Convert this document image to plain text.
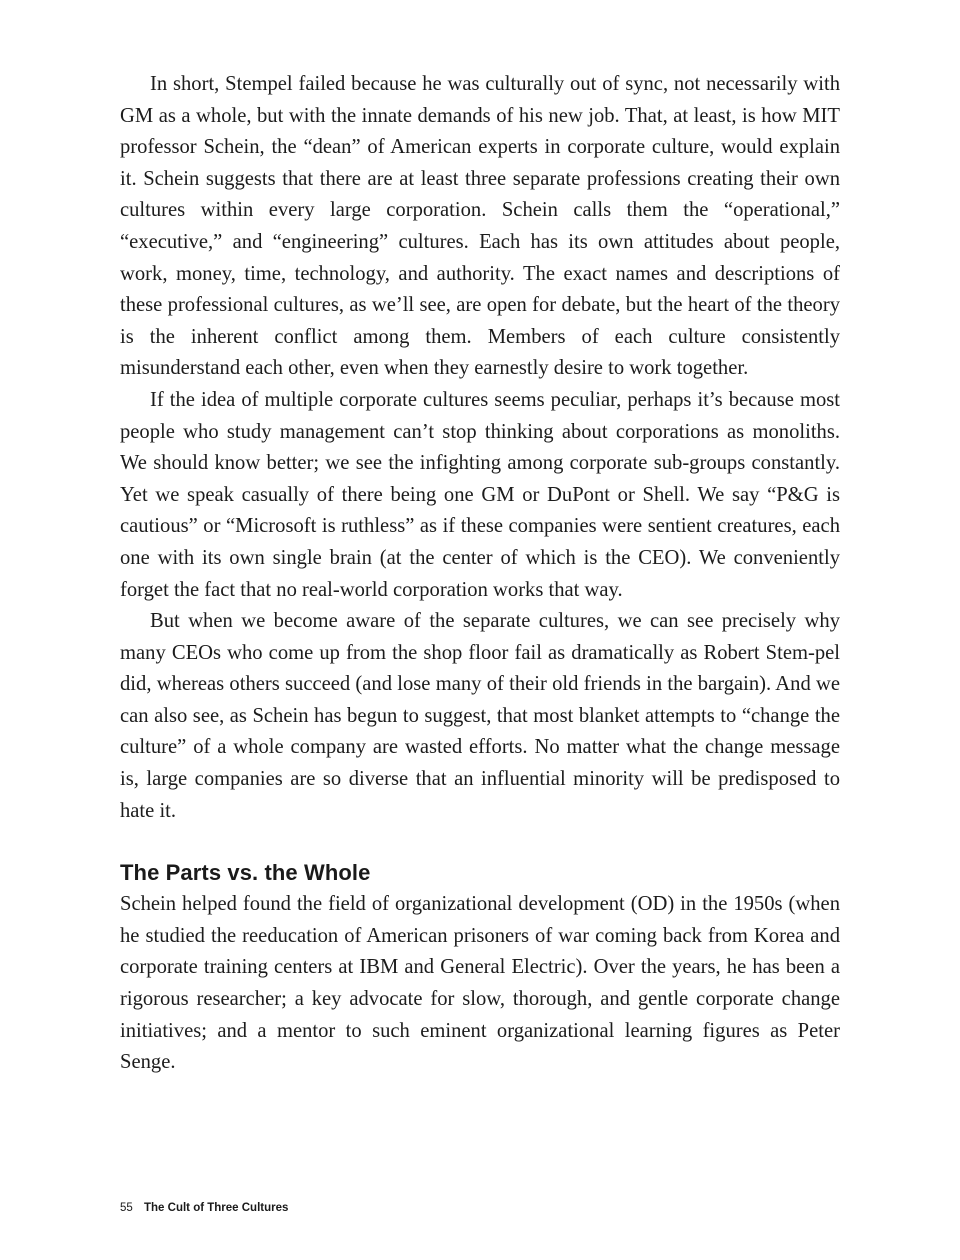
In short, Stempel failed because he was culturally out of sync, not necessarily with GM as a whole, but with the innate demands of his new job. That, at least, is how MIT professor Schein, the “dean” of American experts in corporate culture, would explain it. Schein suggests that there are at least three separate professions creating their own cultures within every large corporation. Schein calls them the “operational,” “executive,” and “engineering” cultures. Each has its own attitudes about people, work, money, time, technology, and authority. The exact names and descriptions of these professional cultures, as we’ll see, are open for debate, but the heart of the theory is the inherent conflict among them. Members of each culture consistently misunderstand each other, even when they earnestly desire to work together.

If the idea of multiple corporate cultures seems peculiar, perhaps it’s because most people who study management can’t stop thinking about corporations as monoliths. We should know better; we see the infighting among corporate sub-groups constantly. Yet we speak casually of there being one GM or DuPont or Shell. We say “P&G is cautious” or “Microsoft is ruthless” as if these companies were sentient creatures, each one with its own single brain (at the center of which is the CEO). We conveniently forget the fact that no real-world corporation works that way.

But when we become aware of the separate cultures, we can see precisely why many CEOs who come up from the shop floor fail as dramatically as Robert Stem-pel did, whereas others succeed (and lose many of their old friends in the bargain). And we can also see, as Schein has begun to suggest, that most blanket attempts to “change the culture” of a whole company are wasted efforts. No matter what the change message is, large companies are so diverse that an influential minority will be predisposed to hate it.

The Parts vs. the Whole

Schein helped found the field of organizational development (OD) in the 1950s (when he studied the reeducation of American prisoners of war coming back from Korea and corporate training centers at IBM and General Electric). Over the years, he has been a rigorous researcher; a key advocate for slow, thorough, and gentle corporate change initiatives; and a mentor to such eminent organizational learning figures as Peter Senge.

55 The Cult of Three Cultures
